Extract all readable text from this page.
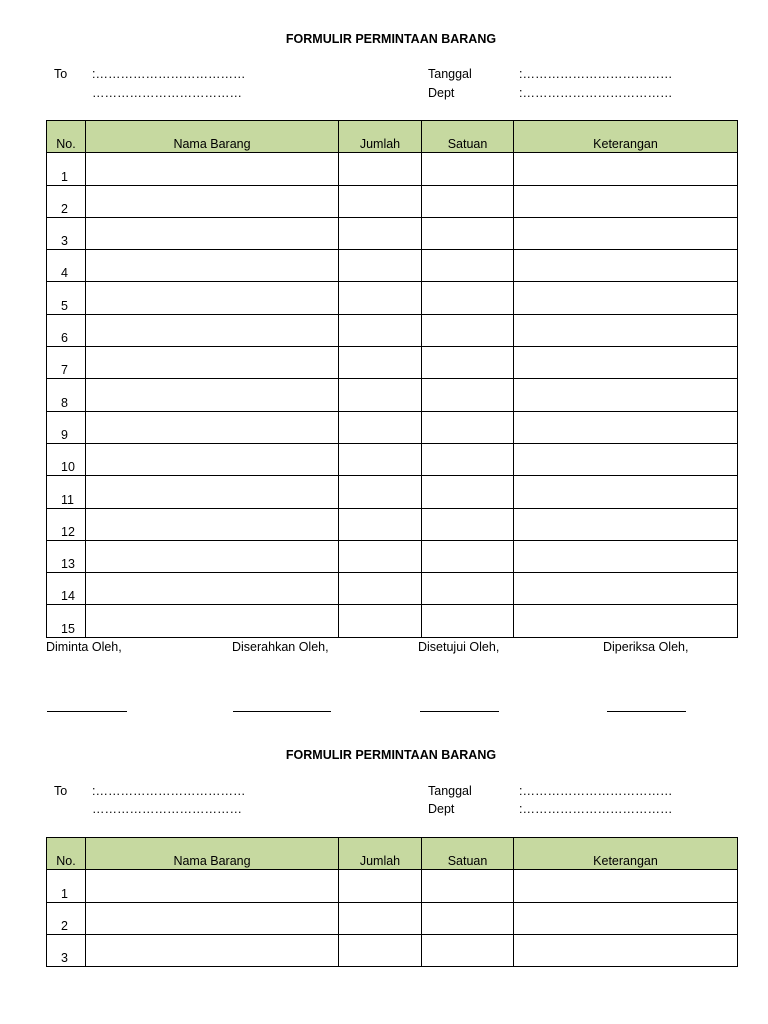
FORMULIR PERMINTAAN BARANG
To :………………………………
………………………………
Tanggal	:………………………………
Dept	:………………………………
No.	Nama Barang	Jumlah	Satuan	Keterangan
1				
2				
3				
4				
5				
6				
7				
8				
9				
10				
11				
12				
13				
14				
15				
Diminta Oleh,	Diserahkan Oleh,	Disetujui Oleh,	Diperiksa Oleh,
FORMULIR PERMINTAAN BARANG
To :………………………………
………………………………
Tanggal	:………………………………
Dept	:………………………………
No.	Nama Barang	Jumlah	Satuan	Keterangan
1				
2				
3				
